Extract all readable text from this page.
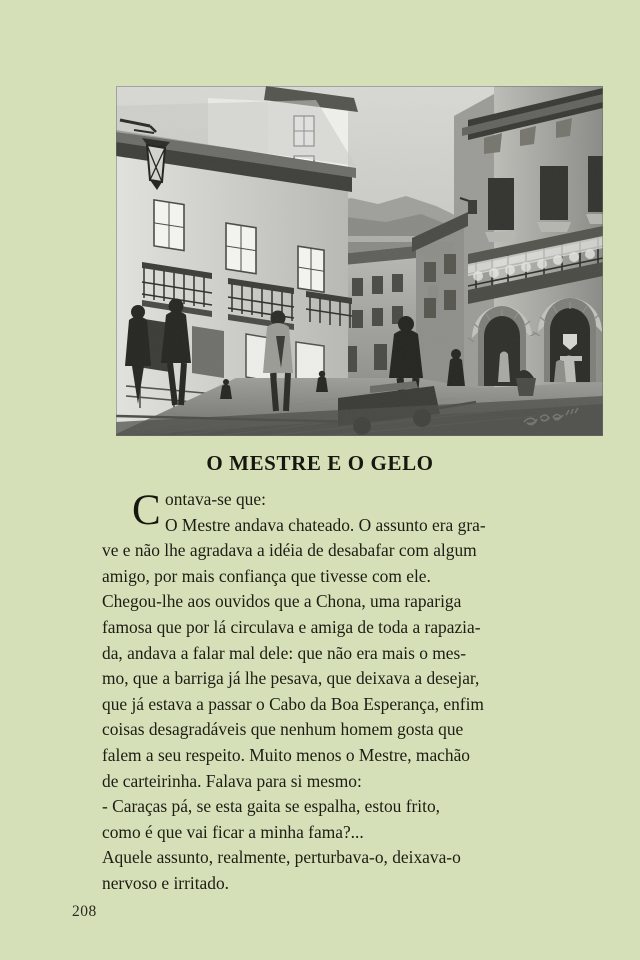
O MESTRE E O GELO
C ontava-se que:
O Mestre andava chateado. O assunto era gra-
ve e não lhe agradava a idéia de desabafar com algum
amigo, por mais confiança que tivesse com ele.
Chegou-lhe aos ouvidos que a Chona, uma rapariga
famosa que por lá circulava e amiga de toda a rapazia-
da, andava a falar mal dele: que não era mais o mes-
mo, que a barriga já lhe pesava, que deixava a desejar,
que já estava a passar o Cabo da Boa Esperança, enfim
coisas desagradáveis que nenhum homem gosta que
falem a seu respeito. Muito menos o Mestre, machão
de carteirinha. Falava para si mesmo:
- Caraças pá, se esta gaita se espalha, estou frito,
como é que vai ficar a minha fama?...
Aquele assunto, realmente, perturbava-o, deixava-o
nervoso e irritado.
208
